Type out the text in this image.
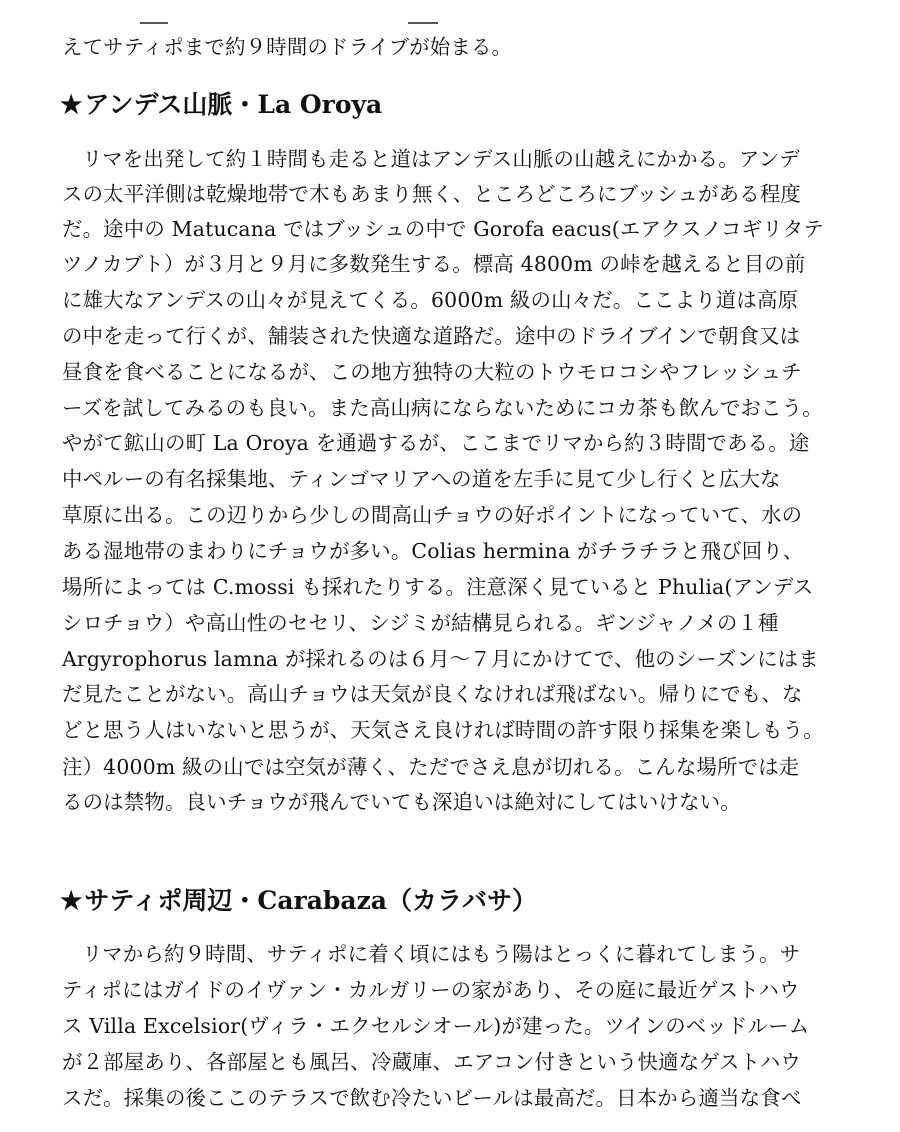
えてサティポまで約９時間のドライブが始まる。
★アンデス山脈・La Oroya
リマを出発して約１時間も走ると道はアンデス山脈の山越えにかかる。アンデ
スの太平洋側は乾燥地帯で木もあまり無く、ところどころにブッシュがある程度
だ。途中の Matucana ではブッシュの中で Gorofa eacus(エアクスノコギリタテ
ツノカブト）が３月と９月に多数発生する。標高 4800m の峠を越えると目の前
に雄大なアンデスの山々が見えてくる。6000m 級の山々だ。ここより道は高原
の中を走って行くが、舗装された快適な道路だ。途中のドライブインで朝食又は
昼食を食べることになるが、この地方独特の大粒のトウモロコシやフレッシュチ
ーズを試してみるのも良い。また高山病にならないためにコカ茶も飲んでおこう。
やがて鉱山の町 La Oroya を通過するが、ここまでリマから約３時間である。途
中ペルーの有名採集地、ティンゴマリアへの道を左手に見て少し行くと広大な
草原に出る。この辺りから少しの間高山チョウの好ポイントになっていて、水の
ある湿地帯のまわりにチョウが多い。Colias hermina がチラチラと飛び回り、
場所によっては C.mossi も採れたりする。注意深く見ていると Phulia(アンデス
シロチョウ）や高山性のセセリ、シジミが結構見られる。ギンジャノメの１種
Argyrophorus lamna が採れるのは６月～７月にかけてで、他のシーズンにはま
だ見たことがない。高山チョウは天気が良くなければ飛ばない。帰りにでも、な
どと思う人はいないと思うが、天気さえ良ければ時間の許す限り採集を楽しもう。
注）4000m 級の山では空気が薄く、ただでさえ息が切れる。こんな場所では走
るのは禁物。良いチョウが飛んでいても深追いは絶対にしてはいけない。
★サティポ周辺・Carabaza（カラバサ）
リマから約９時間、サティポに着く頃にはもう陽はとっくに暮れてしまう。サ
ティポにはガイドのイヴァン・カルガリーの家があり、その庭に最近ゲストハウ
ス Villa Excelsior(ヴィラ・エクセルシオール)が建った。ツインのベッドルーム
が２部屋あり、各部屋とも風呂、冷蔵庫、エアコン付きという快適なゲストハウ
スだ。採集の後ここのテラスで飲む冷たいビールは最高だ。日本から適当な食べ
